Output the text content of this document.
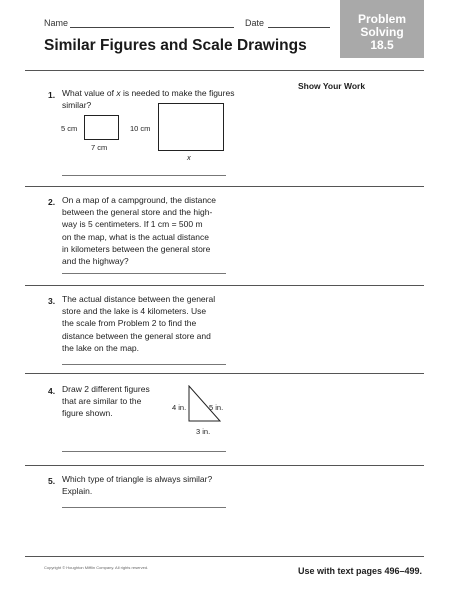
Name	Date	Problem
Solving
18.5
Similar Figures and Scale Drawings
Show Your Work
1. What value of x is needed to make the figures similar?
5 cm
7 cm
10 cm
x
2. On a map of a campground, the distance
between the general store and the high-
way is 5 centimeters. If 1 cm = 500 m
on the map, what is the actual distance
in kilometers between the general store
and the highway?
3. The actual distance between the general
store and the lake is 4 kilometers. Use
the scale from Problem 2 to find the
distance between the general store and
the lake on the map.
4. Draw 2 different figures
that are similar to the
figure shown.
4 in.	5 in.
3 in.
5. Which type of triangle is always similar?
Explain.
Copyright © Houghton Mifflin Company. All rights reserved.	Use with text pages 496–499.
